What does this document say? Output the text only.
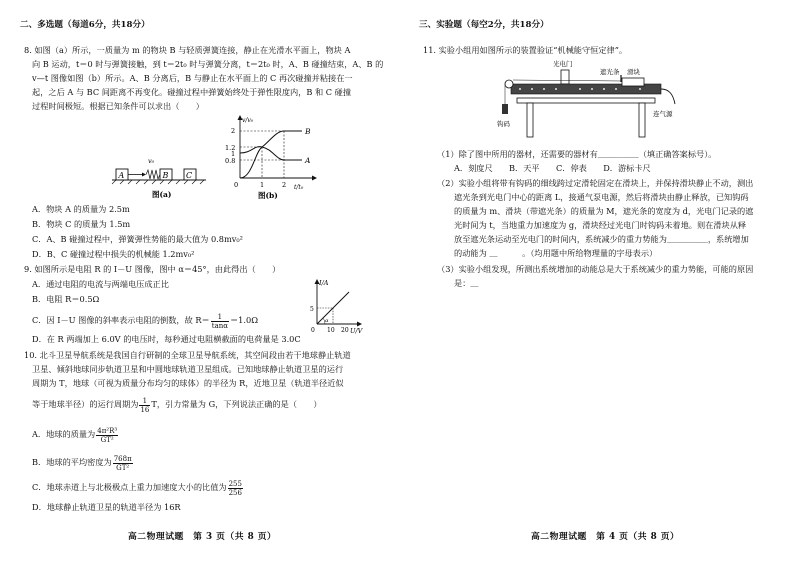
二、多选题（每道6分，共18分）
8. 如图（a）所示，一质量为 m 的物块 B 与轻质弹簧连接，静止在光滑水平面上，物块 A
向 B 运动，t＝0 时与弹簧接触，到 t＝2t₀ 时与弹簧分离，t＝2t₀ 时，A、B 碰撞结束，A、B 的
v—t 图像如图（b）所示。A、B 分离后，B 与静止在水平面上的 C 再次碰撞并粘接在一
起，之后 A 与 BC 间距离不再变化。碰撞过程中弹簧始终处于弹性限度内，B 和 C 碰撞
过程时间极短。根据已知条件可以求出（　　）
A	B C
v₀
图(a)
v/v₀
t/t₀
2
1.2
1
0.8
0	1	2
B
A
图(b)
A．物块 A 的质量为 2.5m
B．物块 C 的质量为 1.5m
C．A、B 碰撞过程中，弹簧弹性势能的最大值为 0.8mv₀²
D．B、C 碰撞过程中损失的机械能 1.2mv₀²
9. 如图所示是电阻 R 的 I－U 图像，图中 α＝45°，由此得出（　　）
A．通过电阻的电流与两端电压成正比
B．电阻 R＝0.5Ω
C．因 I－U 图像的斜率表示电阻的倒数，故 $R= \frac{1}{\tan\alpha} =1.0\Omega$
D．在 R 两端加上 6.0V 的电压时，每秒通过电阻横截面的电荷量是 3.0C
I/A
U/V
α
5
0 10 20
10. 北斗卫星导航系统是我国自行研制的全球卫星导航系统，其空间段由若干地球静止轨道
卫星、倾斜地球同步轨道卫星和中圆地球轨道卫星组成。已知地球静止轨道卫星的运行
周期为 T，地球（可视为质量分布均匀的球体）的半径为 R，近地卫星（轨道半径近似
等于地球半径）的运行周期为 $\frac{1}{16}$ T，引力常量为 G，下列说法正确的是（　　）
A．地球的质量为 $\frac{\text{4π²R³}}{\text{GT²}}$
B．地球的平均密度为 $\frac{768\pi}{\text{GT²}}$
C．地球赤道上与北极极点上重力加速度大小的比值为 $\frac{255}{256}$
D．地球静止轨道卫星的轨道半径为 16R
高二物理试题　第 3 页（共 8 页）
三、实验题（每空2分，共18分）
11. 实验小组用如图所示的装置验证“机械能守恒定律”。
光电门
遮光条 滑块
钩码
连气源
（1）除了图中所用的器材，还需要的器材有＿＿＿＿＿（填正确答案标号）。
A．刻度尺　　B．天平　　C．停表　　D．游标卡尺
（2）实验小组将带有钩码的细线跨过定滑轮固定在滑块上，并保持滑块静止不动，测出
遮光条到光电门中心的距离 L，接通气泵电源，然后将滑块由静止释放，已知钩码
的质量为 m、滑块（带遮光条）的质量为 M，遮光条的宽度为 d，光电门记录的遮
光时间为 t，当地重力加速度为 g，滑块经过光电门时钩码未着地。则在滑块从释
放至遮光条运动至光电门的时间内，系统减少的重力势能为＿＿＿＿＿，系统增加
的动能为 ＿　　　。（均用题中所给物理量的字母表示）
（3）实验小组发现，所测出系统增加的动能总是大于系统减少的重力势能，可能的原因
是：＿
高二物理试题　第 4 页（共 8 页）
